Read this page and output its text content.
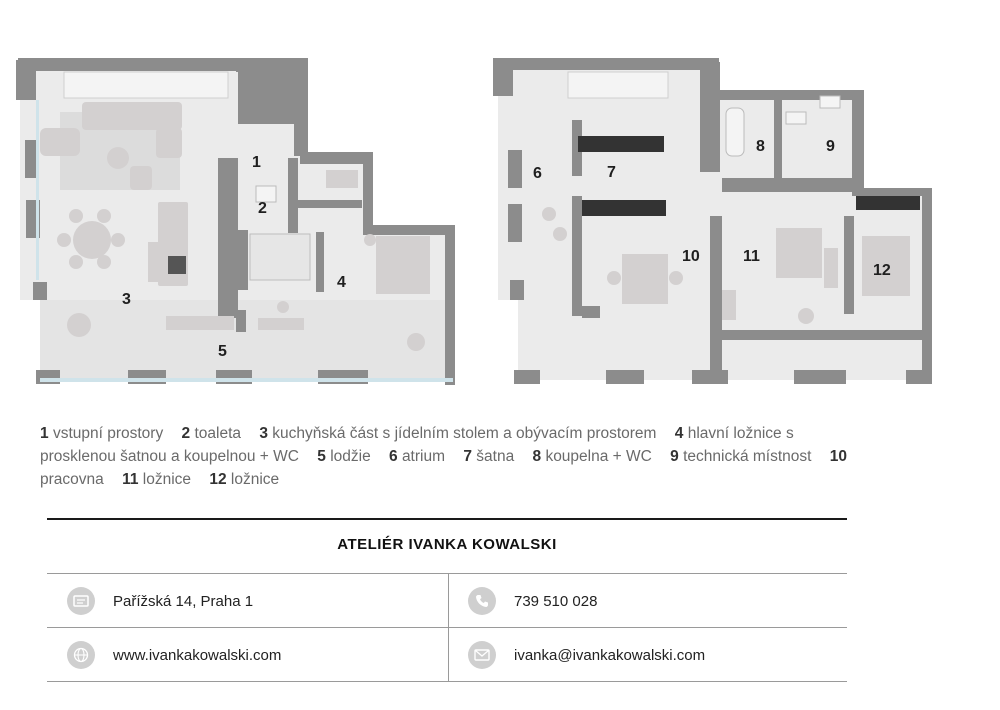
1
2
3
4
5
6	7
8	9
10	11
12
1 vstupní prostory 2 toaleta 3 kuchyňská část s jídelním stolem a obývacím prostorem 4 hlavní ložnice s prosklenou šatnou a koupelnou + WC 5 lodžie 6 atrium 7 šatna 8 koupelna + WC 9 technická místnost 10 pracovna 11 ložnice 12 ložnice
ATELIÉR IVANKA KOWALSKI
Pařížská 14, Praha 1	739 510 028
www.ivankakowalski.com	ivanka@ivankakowalski.com
